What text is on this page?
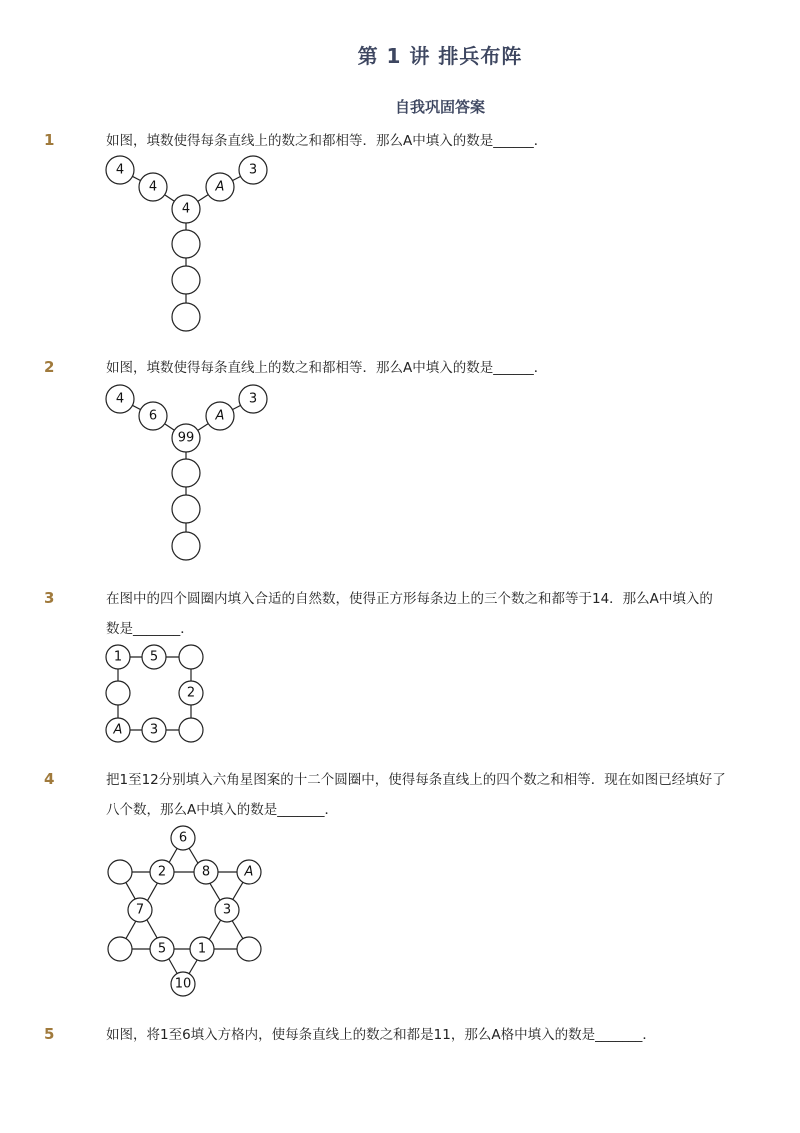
第 1 讲 排兵布阵
自我巩固答案
1	如图，填数使得每条直线上的数之和都相等．那么A中填入的数是______．
4
4	A
3
4
2	如图，填数使得每条直线上的数之和都相等．那么A中填入的数是______．
4
6	A
3
99
3	在图中的四个圆圈内填入合适的自然数，使得正方形每条边上的三个数之和都等于14．那么A中填入的数是_______．
1 5
2
3
A
4	把1至12分别填入六角星图案的十二个圆圈中，使得每条直线上的四个数之和相等．现在如图已经填好了八个数，那么A中填入的数是_______．
6
2	8	A
7	3
5 1
10
5	如图，将1至6填入方格内，使每条直线上的数之和都是11，那么A格中填入的数是_______．
